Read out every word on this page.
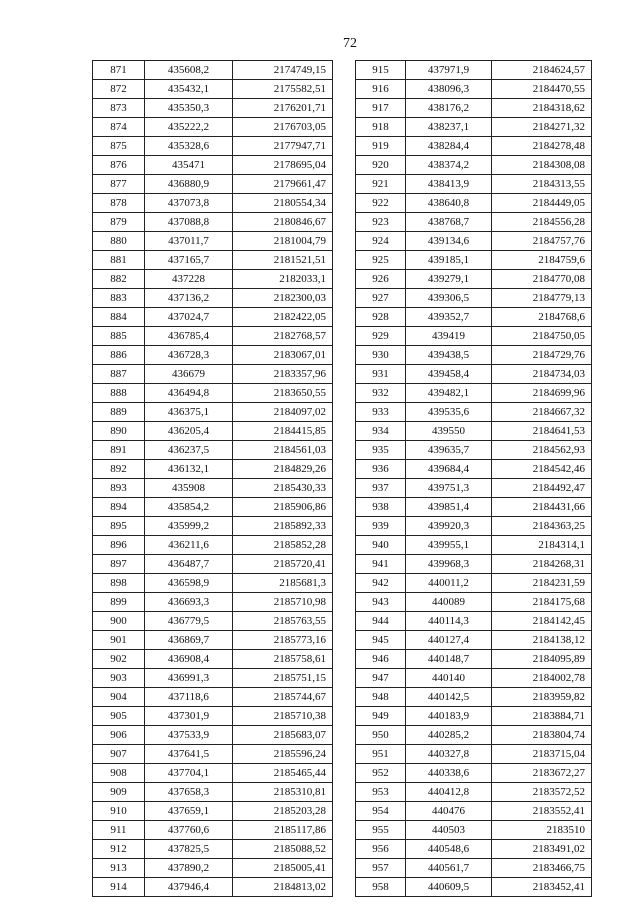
72
871	435608,2	2174749,15
872	435432,1	2175582,51
873	435350,3	2176201,71
874	435222,2	2176703,05
875	435328,6	2177947,71
876	435471	2178695,04
877	436880,9	2179661,47
878	437073,8	2180554,34
879	437088,8	2180846,67
880	437011,7	2181004,79
881	437165,7	2181521,51
882	437228	2182033,1
883	437136,2	2182300,03
884	437024,7	2182422,05
885	436785,4	2182768,57
886	436728,3	2183067,01
887	436679	2183357,96
888	436494,8	2183650,55
889	436375,1	2184097,02
890	436205,4	2184415,85
891	436237,5	2184561,03
892	436132,1	2184829,26
893	435908	2185430,33
894	435854,2	2185906,86
895	435999,2	2185892,33
896	436211,6	2185852,28
897	436487,7	2185720,41
898	436598,9	2185681,3
899	436693,3	2185710,98
900	436779,5	2185763,55
901	436869,7	2185773,16
902	436908,4	2185758,61
903	436991,3	2185751,15
904	437118,6	2185744,67
905	437301,9	2185710,38
906	437533,9	2185683,07
907	437641,5	2185596,24
908	437704,1	2185465,44
909	437658,3	2185310,81
910	437659,1	2185203,28
911	437760,6	2185117,86
912	437825,5	2185088,52
913	437890,2	2185005,41
914	437946,4	2184813,02
915	437971,9	2184624,57
916	438096,3	2184470,55
917	438176,2	2184318,62
918	438237,1	2184271,32
919	438284,4	2184278,48
920	438374,2	2184308,08
921	438413,9	2184313,55
922	438640,8	2184449,05
923	438768,7	2184556,28
924	439134,6	2184757,76
925	439185,1	2184759,6
926	439279,1	2184770,08
927	439306,5	2184779,13
928	439352,7	2184768,6
929	439419	2184750,05
930	439438,5	2184729,76
931	439458,4	2184734,03
932	439482,1	2184699,96
933	439535,6	2184667,32
934	439550	2184641,53
935	439635,7	2184562,93
936	439684,4	2184542,46
937	439751,3	2184492,47
938	439851,4	2184431,66
939	439920,3	2184363,25
940	439955,1	2184314,1
941	439968,3	2184268,31
942	440011,2	2184231,59
943	440089	2184175,68
944	440114,3	2184142,45
945	440127,4	2184138,12
946	440148,7	2184095,89
947	440140	2184002,78
948	440142,5	2183959,82
949	440183,9	2183884,71
950	440285,2	2183804,74
951	440327,8	2183715,04
952	440338,6	2183672,27
953	440412,8	2183572,52
954	440476	2183552,41
955	440503	2183510
956	440548,6	2183491,02
957	440561,7	2183466,75
958	440609,5	2183452,41
